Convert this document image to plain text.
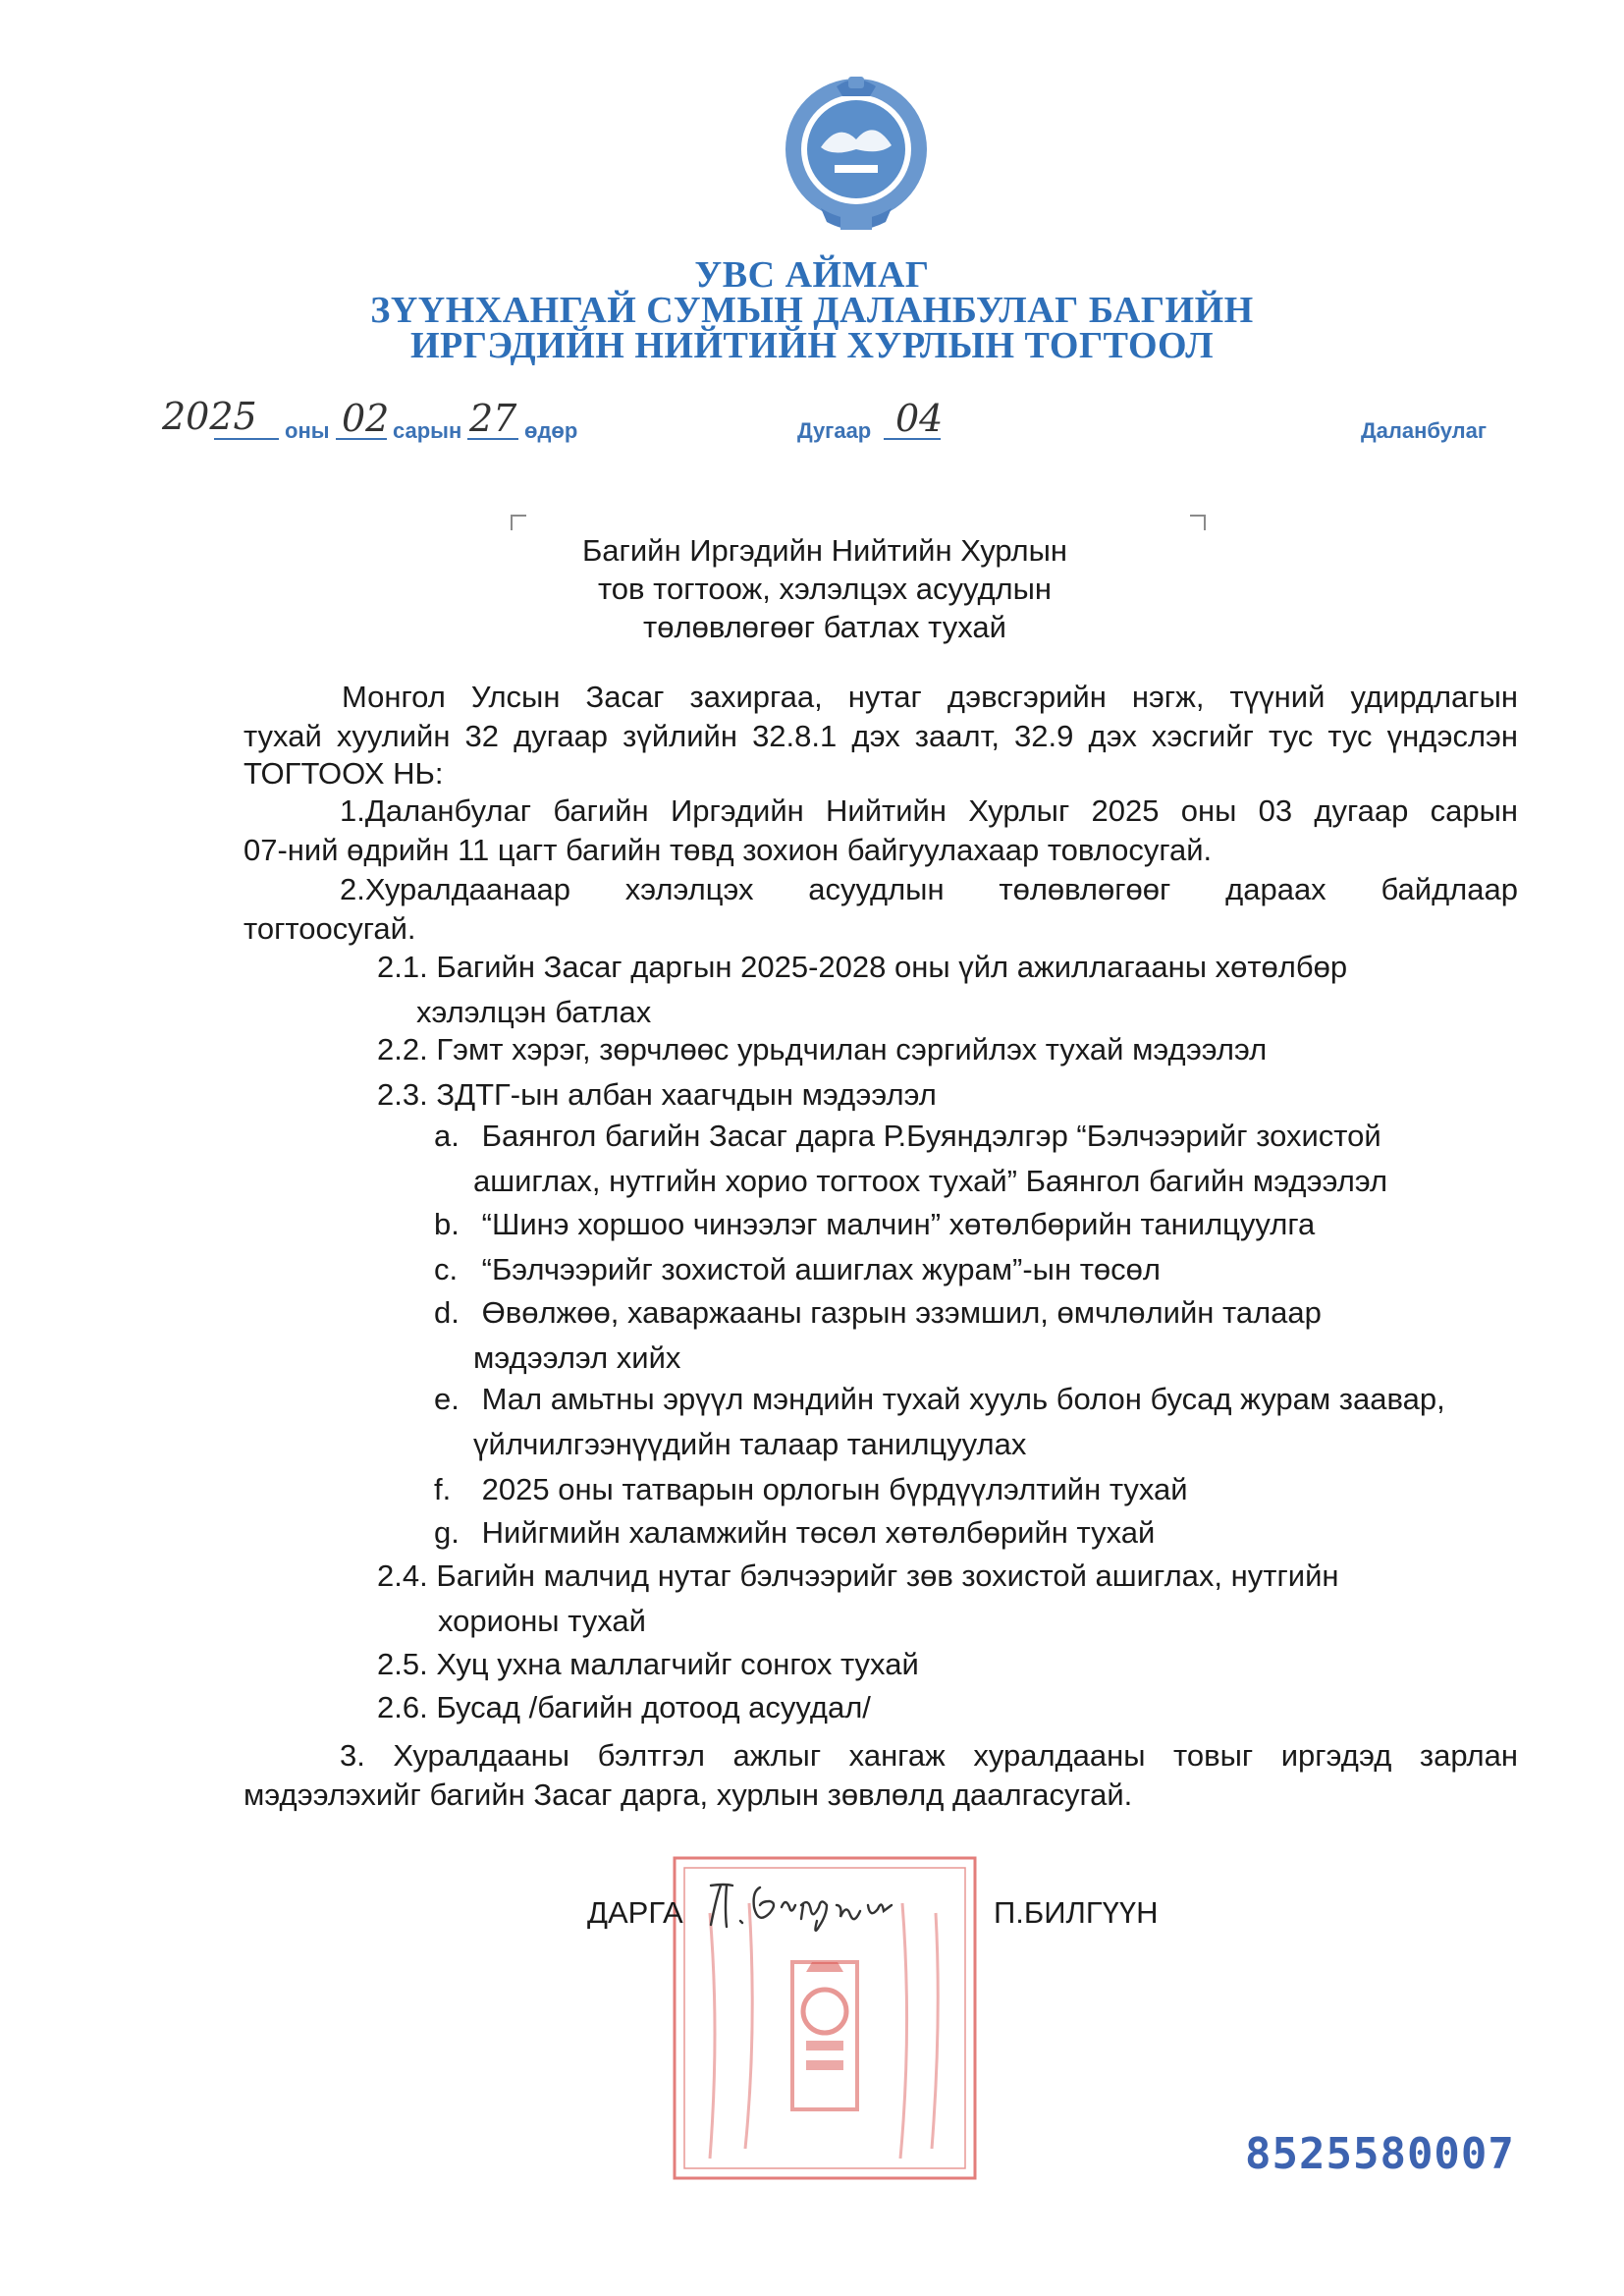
УВС АЙМАГ
ЗҮҮНХАНГАЙ СУМЫН ДАЛАНБУЛАГ БАГИЙН
ИРГЭДИЙН НИЙТИЙН ХУРЛЫН ТОГТООЛ
2025 оны 02 сарын 27 өдөр	Дугаар 04	Даланбулаг
Багийн Иргэдийн Нийтийн Хурлын
тов тогтоож, хэлэлцэх асуудлын
төлөвлөгөөг батлах тухай
Монгол Улсын Засаг захиргаа, нутаг дэвсгэрийн нэгж, түүний удирдлагын
тухай хуулийн 32 дугаар зүйлийн 32.8.1 дэх заалт, 32.9 дэх хэсгийг тус тус үндэслэн
ТОГТООХ НЬ:
1.Даланбулаг багийн Иргэдийн Нийтийн Хурлыг 2025 оны 03 дугаар сарын
07-ний өдрийн 11 цагт багийн төвд зохион байгуулахаар товлосугай.
2.Хуралдаанаар хэлэлцэх асуудлын төлөвлөгөөг дараах байдлаар
тогтоосугай.
2.1. Багийн Засаг даргын 2025-2028 оны үйл ажиллагааны хөтөлбөр
хэлэлцэн батлах
2.2. Гэмт хэрэг, зөрчлөөс урьдчилан сэргийлэх тухай мэдээлэл
2.3. ЗДТГ-ын албан хаагчдын мэдээлэл
a. Баянгол багийн Засаг дарга Р.Буяндэлгэр “Бэлчээрийг зохистой
ашиглах, нутгийн хорио тогтоох тухай” Баянгол багийн мэдээлэл
b. “Шинэ хоршоо чинээлэг малчин” хөтөлбөрийн танилцуулга
c. “Бэлчээрийг зохистой ашиглах журам”-ын төсөл
d. Өвөлжөө, хаваржааны газрын эзэмшил, өмчлөлийн талаар
мэдээлэл хийх
e. Мал амьтны эрүүл мэндийн тухай хууль болон бусад журам заавар,
үйлчилгээнүүдийн талаар танилцуулах
f. 2025 оны татварын орлогын бүрдүүлэлтийн тухай
g. Нийгмийн халамжийн төсөл хөтөлбөрийн тухай
2.4. Багийн малчид нутаг бэлчээрийг зөв зохистой ашиглах, нутгийн
хорионы тухай
2.5. Хуц ухна маллагчийг сонгох тухай
2.6. Бусад /багийн дотоод асуудал/
3. Хуралдааны бэлтгэл ажлыг хангаж хуралдааны товыг иргэдэд зарлан
мэдээлэхийг багийн Засаг дарга, хурлын зөвлөлд даалгасугай.
ДАРГА	П.БИЛГҮҮН
8525580007
